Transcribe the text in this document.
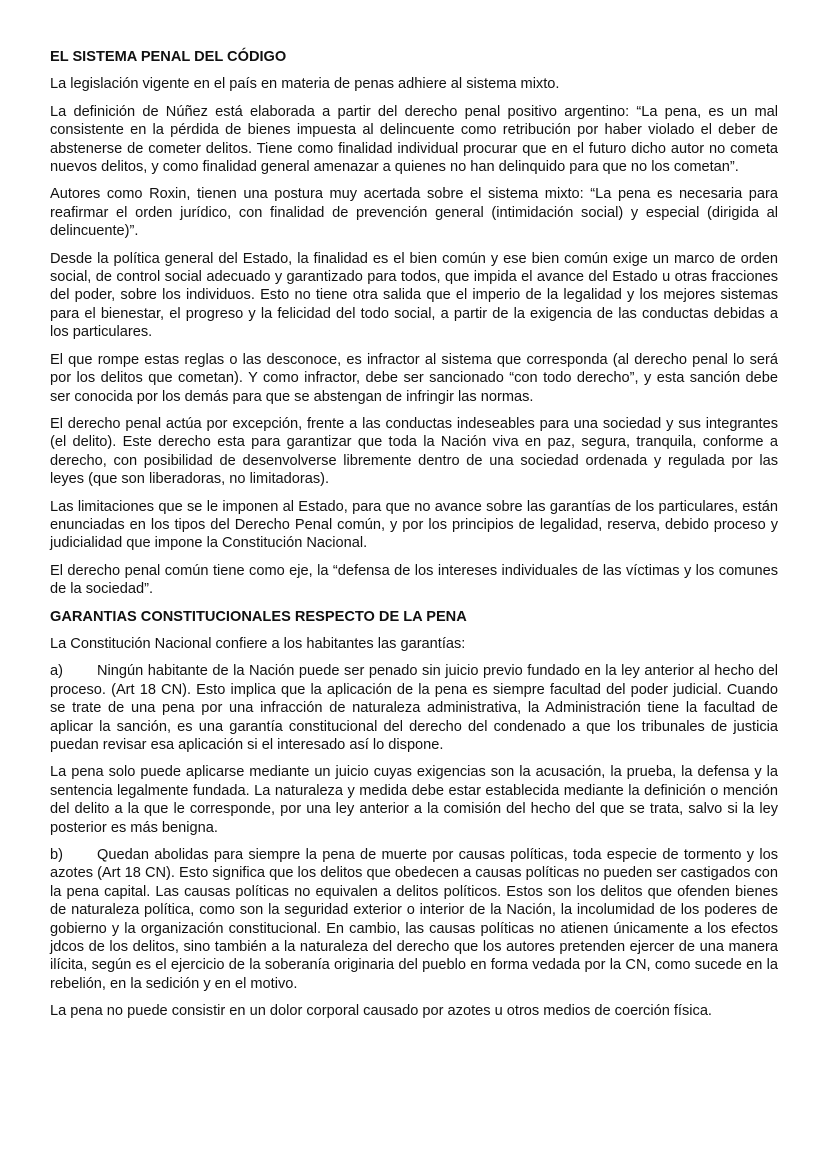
EL SISTEMA PENAL DEL CÓDIGO

La legislación vigente en el país en materia de penas adhiere al sistema mixto.

La definición de Núñez está elaborada a partir del derecho penal positivo argentino: “La pena, es un mal consistente en la pérdida de bienes impuesta al delincuente como retribución por haber violado el deber de abstenerse de cometer delitos. Tiene como finalidad individual procurar que en el futuro dicho autor no cometa nuevos delitos, y como finalidad general amenazar a quienes no han delinquido para que no los cometan”.

Autores como Roxin, tienen una postura muy acertada sobre el sistema mixto: “La pena es necesaria para reafirmar el orden jurídico, con finalidad de prevención general (intimidación social) y especial (dirigida al delincuente)”.

Desde la política general del Estado, la finalidad es el bien común y ese bien común exige un marco de orden social, de control social adecuado y garantizado para todos, que impida el avance del Estado u otras fracciones del poder, sobre los individuos. Esto no tiene otra salida que el imperio de la legalidad y los mejores sistemas para el bienestar, el progreso y la felicidad del todo social, a partir de la exigencia de las conductas debidas a los particulares.

El que rompe estas reglas o las desconoce, es infractor al sistema que corresponda (al derecho penal lo será por los delitos que cometan). Y como infractor, debe ser sancionado “con todo derecho”, y esta sanción debe ser conocida por los demás para que se abstengan de infringir las normas.

El derecho penal actúa por excepción, frente a las conductas indeseables para una sociedad y sus integrantes (el delito). Este derecho esta para garantizar que toda la Nación viva en paz, segura, tranquila, conforme a derecho, con posibilidad de desenvolverse libremente dentro de una sociedad ordenada y regulada por las leyes (que son liberadoras, no limitadoras).

Las limitaciones que se le imponen al Estado, para que no avance sobre las garantías de los particulares, están enunciadas en los tipos del Derecho Penal común, y por los principios de legalidad, reserva, debido proceso y judicialidad que impone la Constitución Nacional.

El derecho penal común tiene como eje, la “defensa de los intereses individuales de las víctimas y los comunes de la sociedad”.

GARANTIAS CONSTITUCIONALES RESPECTO DE LA PENA

La Constitución Nacional confiere a los habitantes las garantías:

a) Ningún habitante de la Nación puede ser penado sin juicio previo fundado en la ley anterior al hecho del proceso. (Art 18 CN). Esto implica que la aplicación de la pena es siempre facultad del poder judicial. Cuando se trate de una pena por una infracción de naturaleza administrativa, la Administración tiene la facultad de aplicar la sanción, es una garantía constitucional del derecho del condenado a que los tribunales de justicia puedan revisar esa aplicación si el interesado así lo dispone.

La pena solo puede aplicarse mediante un juicio cuyas exigencias son la acusación, la prueba, la defensa y la sentencia legalmente fundada. La naturaleza y medida debe estar establecida mediante la definición o mención del delito a la que le corresponde, por una ley anterior a la comisión del hecho del que se trata, salvo si la ley posterior es más benigna.

b) Quedan abolidas para siempre la pena de muerte por causas políticas, toda especie de tormento y los azotes (Art 18 CN). Esto significa que los delitos que obedecen a causas políticas no pueden ser castigados con la pena capital. Las causas políticas no equivalen a delitos políticos. Estos son los delitos que ofenden bienes de naturaleza política, como son la seguridad exterior o interior de la Nación, la incolumidad de los poderes de gobierno y la organización constitucional. En cambio, las causas políticas no atienen únicamente a los efectos jdcos de los delitos, sino también a la naturaleza del derecho que los autores pretenden ejercer de una manera ilícita, según es el ejercicio de la soberanía originaria del pueblo en forma vedada por la CN, como sucede en la rebelión, en la sedición y en el motivo.

La pena no puede consistir en un dolor corporal causado por azotes u otros medios de coerción física.
